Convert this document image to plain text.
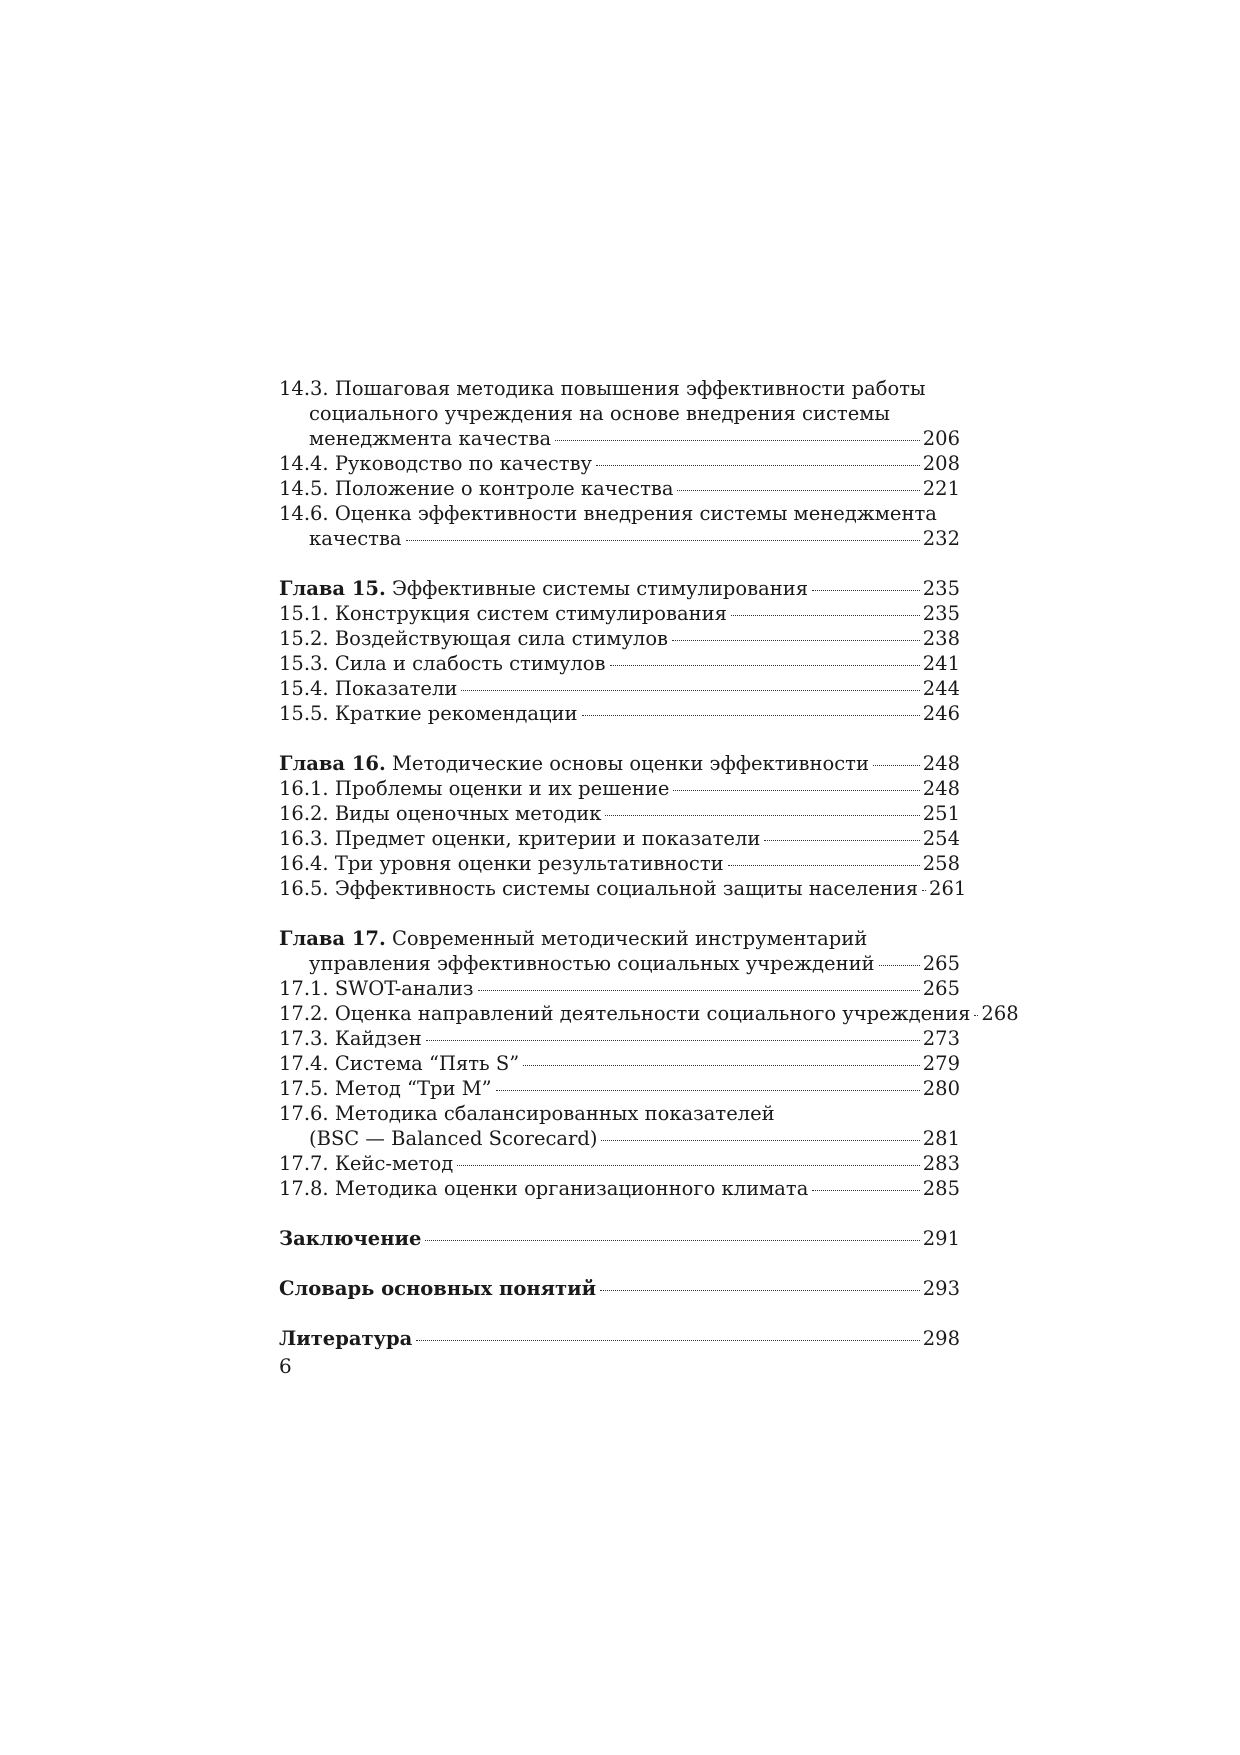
14.3. Пошаговая методика повышения эффективности работы
социального учреждения на основе внедрения системы
менеджмента качества	206
14.4. Руководство по качеству	208
14.5. Положение о контроле качества	221
14.6. Оценка эффективности внедрения системы менеджмента
качества	232
Глава 15. Эффективные системы стимулирования	235
15.1. Конструкция систем стимулирования	235
15.2. Воздействующая сила стимулов	238
15.3. Сила и слабость стимулов	241
15.4. Показатели	244
15.5. Краткие рекомендации	246
Глава 16. Методические основы оценки эффективности	248
16.1. Проблемы оценки и их решение	248
16.2. Виды оценочных методик	251
16.3. Предмет оценки, критерии и показатели	254
16.4. Три уровня оценки результативности	258
16.5. Эффективность системы социальной защиты населения 261
Глава 17. Современный методический инструментарий
управления эффективностью социальных учреждений 265
17.1. SWOT-анализ	265
17.2. Оценка направлений деятельности социального учреждения 268
17.3. Кайдзен	273
17.4. Система “Пять S”	279
17.5. Метод “Три М”	280
17.6. Методика сбалансированных показателей
(BSC — Balanced Scorecard)	281
17.7. Кейс-метод	283
17.8. Методика оценки организационного климата	285
Заключение	291
Словарь основных понятий	293
Литература	298
6
